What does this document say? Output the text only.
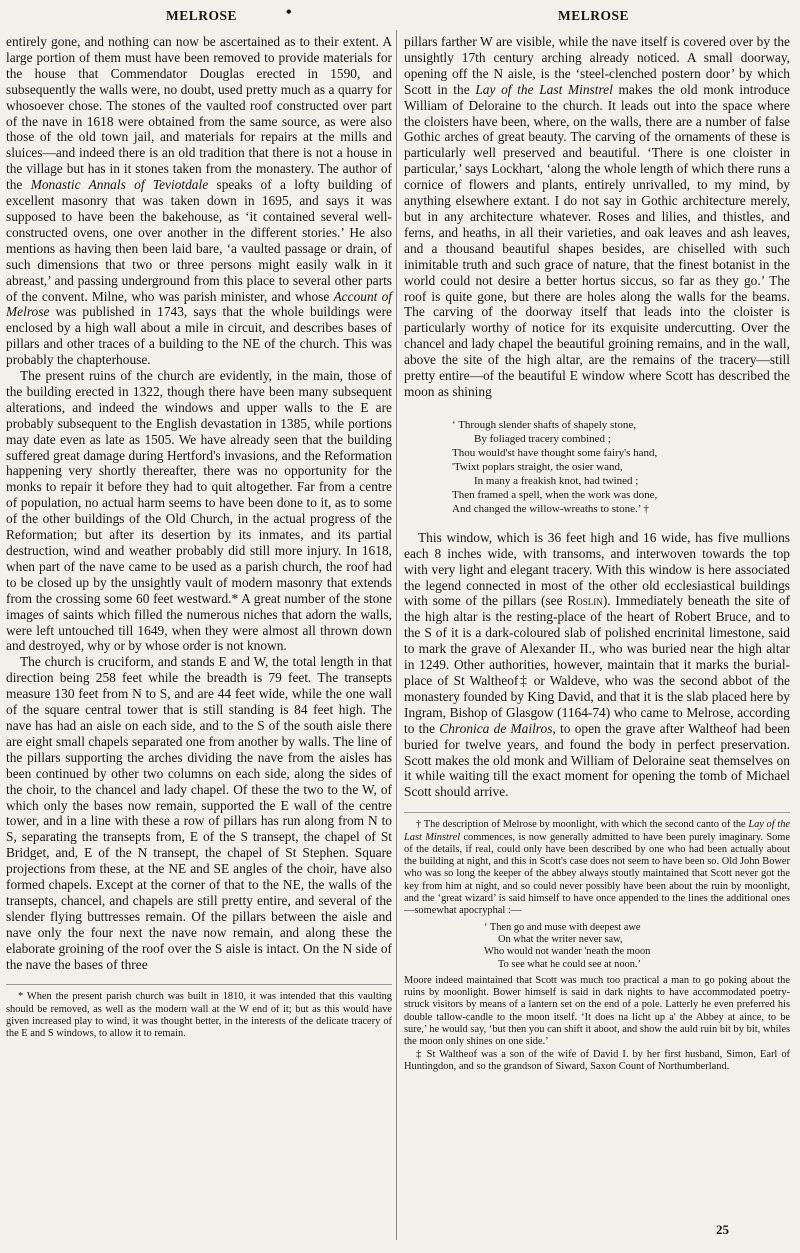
MELROSE	•	MELROSE

entirely gone, and nothing can now be ascertained as to their extent. A large portion of them must have been removed to provide materials for the house that Commendator Douglas erected in 1590, and subsequently the walls were, no doubt, used pretty much as a quarry for whosoever chose. The stones of the vaulted roof constructed over part of the nave in 1618 were obtained from the same source, as were also those of the old town jail, and materials for repairs at the mills and sluices—and indeed there is an old tradition that there is not a house in the village but has in it stones taken from the monastery. The author of the Monastic Annals of Teviotdale speaks of a lofty building of excellent masonry that was taken down in 1695, and says it was supposed to have been the bakehouse, as ‘it contained several well-constructed ovens, one over another in the different stories.’ He also mentions as having then been laid bare, ‘a vaulted passage or drain, of such dimensions that two or three persons might easily walk in it abreast,’ and passing underground from this place to several other parts of the convent. Milne, who was parish minister, and whose Account of Melrose was published in 1743, says that the whole buildings were enclosed by a high wall about a mile in circuit, and describes bases of pillars and other traces of a building to the NE of the church. This was probably the chapterhouse.

The present ruins of the church are evidently, in the main, those of the building erected in 1322, though there have been many subsequent alterations, and indeed the windows and upper walls to the E are probably subsequent to the English devastation in 1385, while portions may date even as late as 1505. We have already seen that the building suffered great damage during Hertford's invasions, and the Reformation happening very shortly thereafter, there was no opportunity for the monks to repair it before they had to quit altogether. Far from a centre of population, no actual harm seems to have been done to it, as to some of the other buildings of the Old Church, in the actual progress of the Reformation; but after its desertion by its inmates, and its partial destruction, wind and weather probably did still more injury. In 1618, when part of the nave came to be used as a parish church, the roof had to be closed up by the unsightly vault of modern masonry that extends from the crossing some 60 feet westward.* A great number of the stone images of saints which filled the numerous niches that adorn the walls, were left untouched till 1649, when they were almost all thrown down and destroyed, why or by whose order is not known.

The church is cruciform, and stands E and W, the total length in that direction being 258 feet while the breadth is 79 feet. The transepts measure 130 feet from N to S, and are 44 feet wide, while the one wall of the square central tower that is still standing is 84 feet high. The nave has had an aisle on each side, and to the S of the south aisle there are eight small chapels separated one from another by walls. The line of the pillars supporting the arches dividing the nave from the aisles has been continued by other two columns on each side, along the sides of the choir, to the chancel and lady chapel. Of these the two to the W, of which only the bases now remain, supported the E wall of the centre tower, and in a line with these a row of pillars has run along from N to S, separating the transepts from, E of the S transept, the chapel of St Bridget, and, E of the N transept, the chapel of St Stephen. Square projections from these, at the NE and SE angles of the choir, have also formed chapels. Except at the corner of that to the NE, the walls of the transepts, chancel, and chapels are still pretty entire, and several of the slender flying buttresses remain. Of the pillars between the aisle and nave only the four next the nave now remain, and along these the elaborate groining of the roof over the S aisle is intact. On the N side of the nave the bases of three

* When the present parish church was built in 1810, it was intended that this vaulting should be removed, as well as the modern wall at the W end of it; but as this would have given increased play to wind, it was thought better, in the interests of the delicate tracery of the E and S windows, to allow it to remain.

pillars farther W are visible, while the nave itself is covered over by the unsightly 17th century arching already noticed. A small doorway, opening off the N aisle, is the ‘steel-clenched postern door’ by which Scott in the Lay of the Last Minstrel makes the old monk introduce William of Deloraine to the church. It leads out into the space where the cloisters have been, where, on the walls, there are a number of false Gothic arches of great beauty. The carving of the ornaments of these is particularly well preserved and beautiful. ‘There is one cloister in particular,’ says Lockhart, ‘along the whole length of which there runs a cornice of flowers and plants, entirely unrivalled, to my mind, by anything elsewhere extant. I do not say in Gothic architecture merely, but in any architecture whatever. Roses and lilies, and thistles, and ferns, and heaths, in all their varieties, and oak leaves and ash leaves, and a thousand beautiful shapes besides, are chiselled with such inimitable truth and such grace of nature, that the finest botanist in the world could not desire a better hortus siccus, so far as they go.’ The roof is quite gone, but there are holes along the walls for the beams. The carving of the doorway itself that leads into the cloister is particularly worthy of notice for its exquisite undercutting. Over the chancel and lady chapel the beautiful groining remains, and in the wall, above the site of the high altar, are the remains of the tracery—still pretty entire—of the beautiful E window where Scott has described the moon as shining

‘ Through slender shafts of shapely stone,
By foliaged tracery combined ;
Thou would'st have thought some fairy's hand,
'Twixt poplars straight, the osier wand,
In many a freakish knot, had twined ;
Then framed a spell, when the work was done,
And changed the willow-wreaths to stone.’ †

This window, which is 36 feet high and 16 wide, has five mullions each 8 inches wide, with transoms, and interwoven towards the top with very light and elegant tracery. With this window is here associated the legend connected in most of the other old ecclesiastical buildings with some of the pillars (see Roslin). Immediately beneath the site of the high altar is the resting-place of the heart of Robert Bruce, and to the S of it is a dark-coloured slab of polished encrinital limestone, said to mark the grave of Alexander II., who was buried near the high altar in 1249. Other authorities, however, maintain that it marks the burial-place of St Waltheof‡ or Waldeve, who was the second abbot of the monastery founded by King David, and that it is the slab placed here by Ingram, Bishop of Glasgow (1164-74) who came to Melrose, according to the Chronica de Mailros, to open the grave after Waltheof had been buried for twelve years, and found the body in perfect preservation. Scott makes the old monk and William of Deloraine seat themselves on it while waiting till the exact moment for opening the tomb of Michael Scott should arrive.

† The description of Melrose by moonlight, with which the second canto of the Lay of the Last Minstrel commences, is now generally admitted to have been purely imaginary. Some of the details, if real, could only have been described by one who had been actually about the building at night, and this in Scott's case does not seem to have been so. Old John Bower who was so long the keeper of the abbey always stoutly maintained that Scott never got the key from him at night, and so could never possibly have been about the ruin by moonlight, and the ‘great wizard’ is said himself to have once appended to the lines the additional ones—somewhat apocryphal :—

‘ Then go and muse with deepest awe
On what the writer never saw,
Who would not wander 'neath the moon
To see what he could see at noon.’

Moore indeed maintained that Scott was much too practical a man to go poking about the ruins by moonlight. Bower himself is said in dark nights to have accommodated poetry-struck visitors by means of a lantern set on the end of a pole. Latterly he even preferred his double tallow-candle to the moon itself. ‘It does na licht up a' the Abbey at aince, to be sure,’ he would say, ‘but then you can shift it aboot, and show the auld ruin bit by bit, whiles the moon only shines on one side.’

‡ St Waltheof was a son of the wife of David I. by her first husband, Simon, Earl of Huntingdon, and so the grandson of Siward, Saxon Count of Northumberland.

25
